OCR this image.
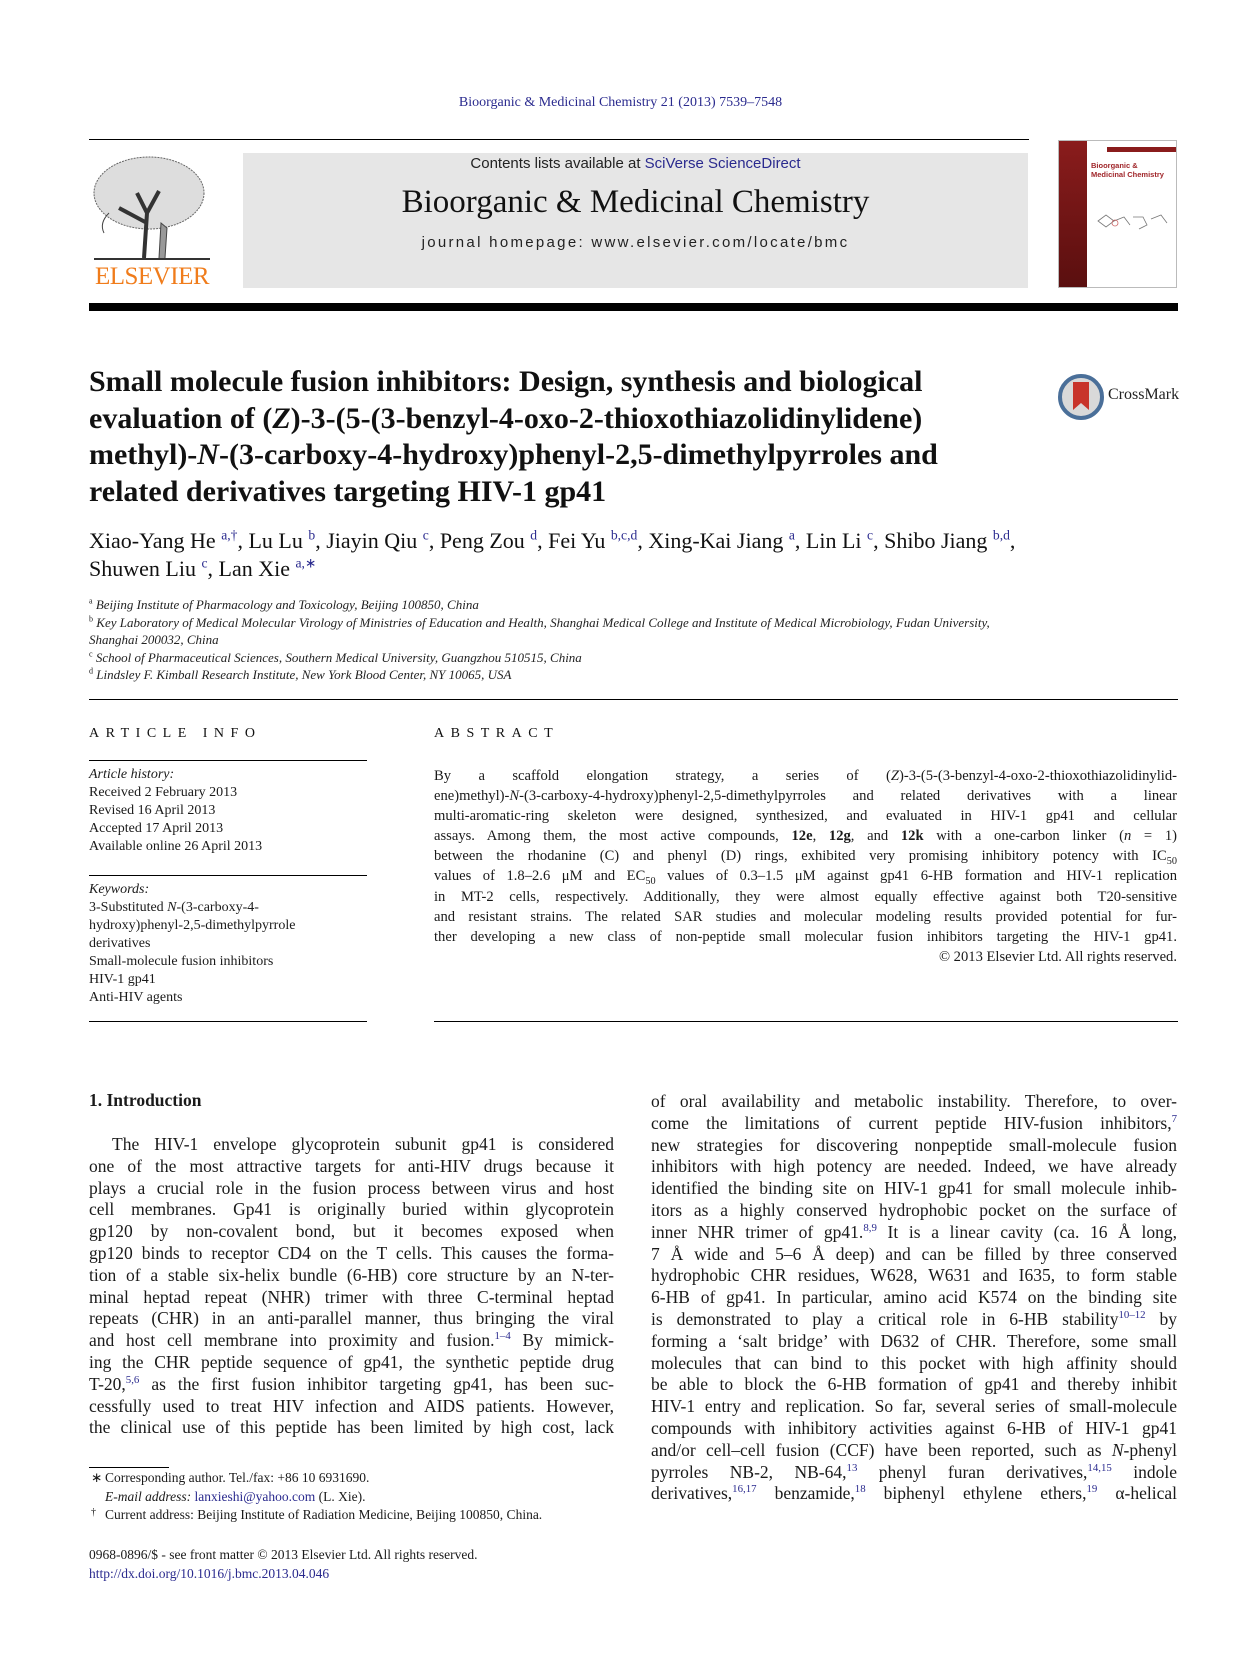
Bioorganic & Medicinal Chemistry 21 (2013) 7539–7548
ELSEVIER
Contents lists available at SciVerse ScienceDirect
Bioorganic & Medicinal Chemistry
journal homepage: www.elsevier.com/locate/bmc
Bioorganic & Medicinal Chemistry
Small molecule fusion inhibitors: Design, synthesis and biological
evaluation of (Z)-3-(5-(3-benzyl-4-oxo-2-thioxothiazolidinylidene)
methyl)-N-(3-carboxy-4-hydroxy)phenyl-2,5-dimethylpyrroles and
related derivatives targeting HIV-1 gp41
CrossMark
Xiao-Yang He $^{a,\dagger}$, Lu Lu $^b$, Jiayin Qiu $^c$, Peng Zou $^d$, Fei Yu $^{b,c,d}$, Xing-Kai Jiang $^a$, Lin Li $^c$, Shibo Jiang $^{b,d}$,
Shuwen Liu $^c$, Lan Xie $^{a,∗}$
$^a$ Beijing Institute of Pharmacology and Toxicology, Beijing 100850, China
$^b$ Key Laboratory of Medical Molecular Virology of Ministries of Education and Health, Shanghai Medical College and Institute of Medical Microbiology, Fudan University,
Shanghai 200032, China
$^c$ School of Pharmaceutical Sciences, Southern Medical University, Guangzhou 510515, China
$^d$ Lindsley F. Kimball Research Institute, New York Blood Center, NY 10065, USA
ARTICLE INFO	ABSTRACT
Article history:
Received 2 February 2013
Revised 16 April 2013
Accepted 17 April 2013
Available online 26 April 2013
Keywords:
3-Substituted N-(3-carboxy-4-
hydroxy)phenyl-2,5-dimethylpyrrole
derivatives
Small-molecule fusion inhibitors
HIV-1 gp41
Anti-HIV agents
By a scaffold elongation strategy, a series of (Z)-3-(5-(3-benzyl-4-oxo-2-thioxothiazolidinylid-
ene)methyl)-N-(3-carboxy-4-hydroxy)phenyl-2,5-dimethylpyrroles and related derivatives with a linear
multi-aromatic-ring skeleton were designed, synthesized, and evaluated in HIV-1 gp41 and cellular
assays. Among them, the most active compounds, 12e, 12g, and 12k with a one-carbon linker (n = 1)
between the rhodanine (C) and phenyl (D) rings, exhibited very promising inhibitory potency with $IC_{50}$
values of 1.8–2.6 μM and $EC_{50}$ values of 0.3–1.5 μM against gp41 6-HB formation and HIV-1 replication
in MT-2 cells, respectively. Additionally, they were almost equally effective against both T20-sensitive
and resistant strains. The related SAR studies and molecular modeling results provided potential for fur-
ther developing a new class of non-peptide small molecular fusion inhibitors targeting the HIV-1 gp41.
© 2013 Elsevier Ltd. All rights reserved.
1. Introduction
The HIV-1 envelope glycoprotein subunit gp41 is considered
one of the most attractive targets for anti-HIV drugs because it
plays a crucial role in the fusion process between virus and host
cell membranes. Gp41 is originally buried within glycoprotein
gp120 by non-covalent bond, but it becomes exposed when
gp120 binds to receptor CD4 on the T cells. This causes the forma-
tion of a stable six-helix bundle (6-HB) core structure by an N-ter-
minal heptad repeat (NHR) trimer with three C-terminal heptad
repeats (CHR) in an anti-parallel manner, thus bringing the viral
and host cell membrane into proximity and fusion.$^{1-4}$ By mimick-
ing the CHR peptide sequence of gp41, the synthetic peptide drug
T-20,$^{5,6}$ as the first fusion inhibitor targeting gp41, has been suc-
cessfully used to treat HIV infection and AIDS patients. However,
the clinical use of this peptide has been limited by high cost, lack
of oral availability and metabolic instability. Therefore, to over-
come the limitations of current peptide HIV-fusion inhibitors,$^7$
new strategies for discovering nonpeptide small-molecule fusion
inhibitors with high potency are needed. Indeed, we have already
identified the binding site on HIV-1 gp41 for small molecule inhib-
itors as a highly conserved hydrophobic pocket on the surface of
inner NHR trimer of gp41.$^{8,9}$ It is a linear cavity (ca. 16 Å long,
7 Å wide and 5–6 Å deep) and can be filled by three conserved
hydrophobic CHR residues, W628, W631 and I635, to form stable
6-HB of gp41. In particular, amino acid K574 on the binding site
is demonstrated to play a critical role in 6-HB stability$^{10-12}$ by
forming a ‘salt bridge’ with D632 of CHR. Therefore, some small
molecules that can bind to this pocket with high affinity should
be able to block the 6-HB formation of gp41 and thereby inhibit
HIV-1 entry and replication. So far, several series of small-molecule
compounds with inhibitory activities against 6-HB of HIV-1 gp41
and/or cell–cell fusion (CCF) have been reported, such as N-phenyl
pyrroles NB-2, NB-64,13 phenyl furan derivatives,$^{14,15}$ indole
derivatives,$^{16,17}$ benzamide,$^{18}$ biphenyl ethylene ethers,$^{19}$ α-helical
∗ Corresponding author. Tel./fax: +86 10 6931690.
E-mail address: lanxieshi@yahoo.com (L. Xie).
† Current address: Beijing Institute of Radiation Medicine, Beijing 100850, China.
0968-0896/$ - see front matter © 2013 Elsevier Ltd. All rights reserved.
http://dx.doi.org/10.1016/j.bmc.2013.04.046
